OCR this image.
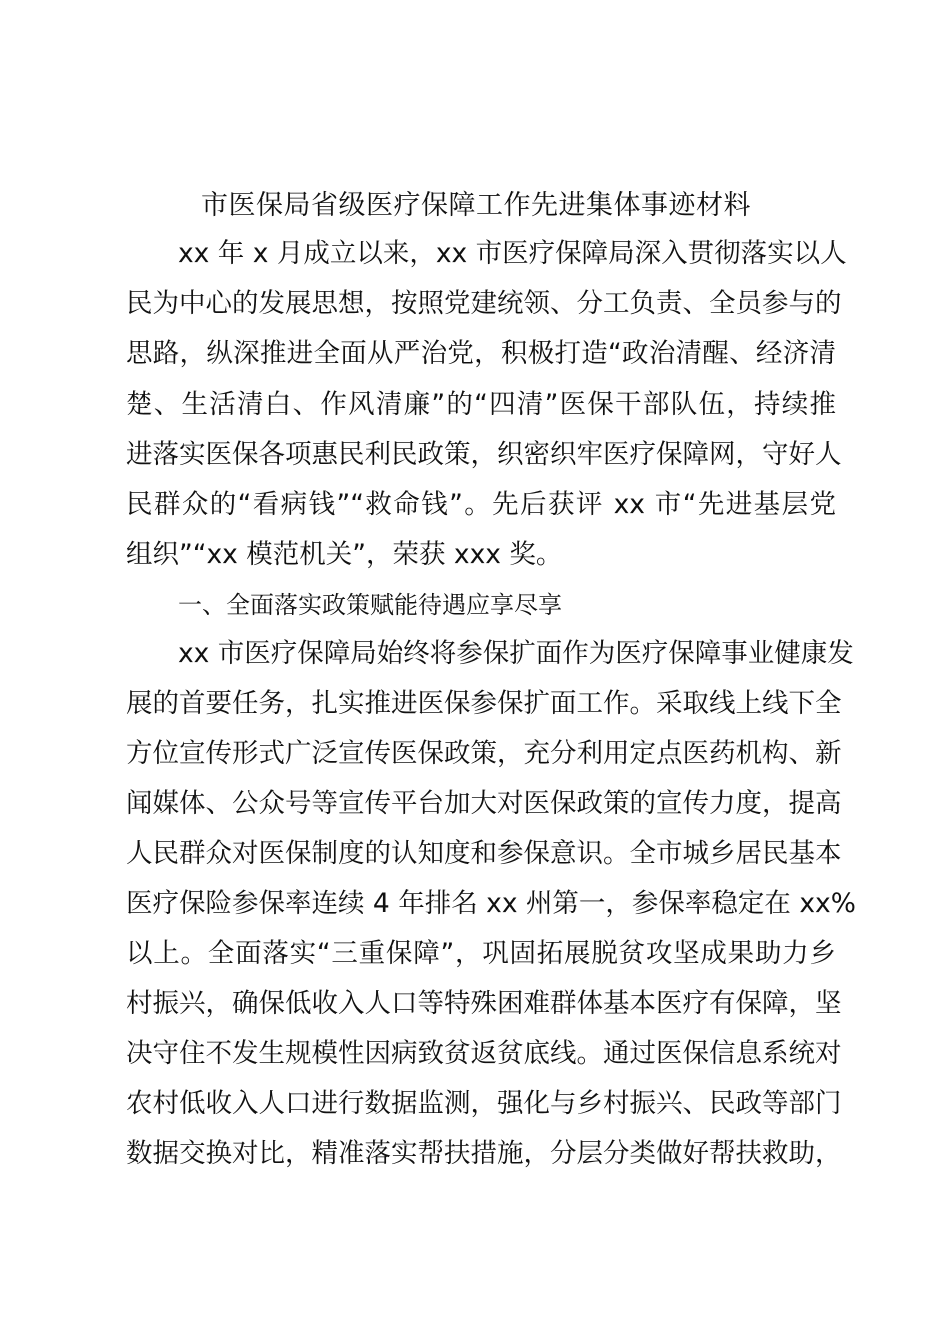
市医保局省级医疗保障工作先进集体事迹材料
xx 年 x 月成立以来，xx 市医疗保障局深入贯彻落实以人
民为中心的发展思想，按照党建统领、分工负责、全员参与的
思路，纵深推进全面从严治党，积极打造“政治清醒、经济清
楚、生活清白、作风清廉”的“四清”医保干部队伍，持续推
进落实医保各项惠民利民政策，织密织牢医疗保障网，守好人
民群众的“看病钱”“救命钱”。先后获评 xx 市“先进基层党
组织”“xx 模范机关”，荣获 xxx 奖。
一、全面落实政策赋能待遇应享尽享
xx 市医疗保障局始终将参保扩面作为医疗保障事业健康发
展的首要任务，扎实推进医保参保扩面工作。采取线上线下全
方位宣传形式广泛宣传医保政策，充分利用定点医药机构、新
闻媒体、公众号等宣传平台加大对医保政策的宣传力度，提高
人民群众对医保制度的认知度和参保意识。全市城乡居民基本
医疗保险参保率连续 4 年排名 xx 州第一，参保率稳定在 xx%
以上。全面落实“三重保障”，巩固拓展脱贫攻坚成果助力乡
村振兴，确保低收入人口等特殊困难群体基本医疗有保障，坚
决守住不发生规模性因病致贫返贫底线。通过医保信息系统对
农村低收入人口进行数据监测，强化与乡村振兴、民政等部门
数据交换对比，精准落实帮扶措施，分层分类做好帮扶救助，
